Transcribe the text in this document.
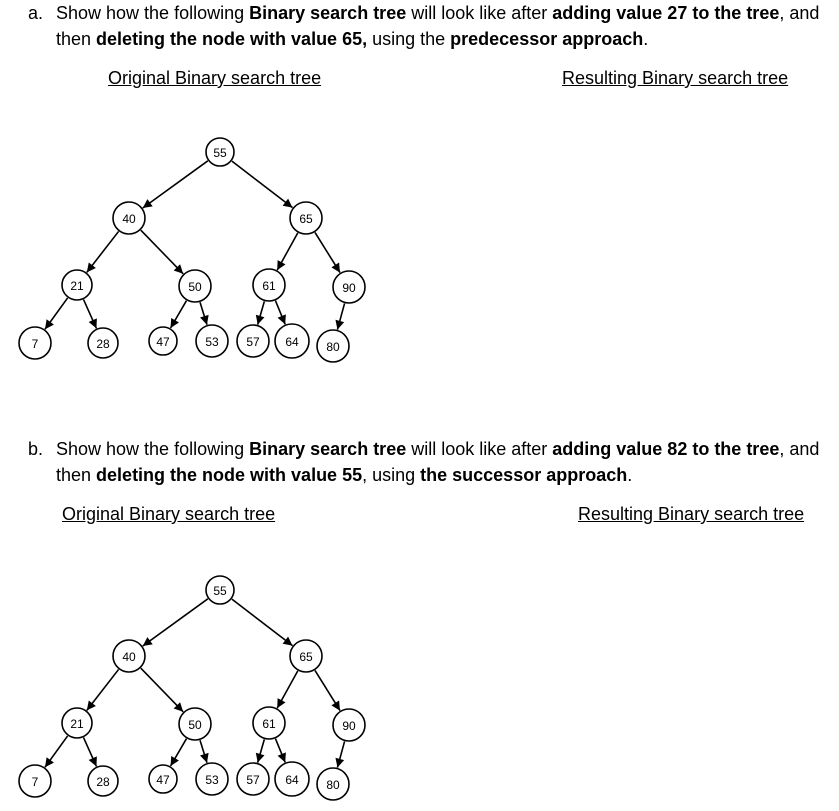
a. Show how the following Binary search tree will look like after adding value 27 to the tree, and
then deleting the node with value 65, using the predecessor approach.
Original Binary search tree	Resulting Binary search tree
55
40	65
21	50	61	90
7	28	47	53 57 64 80
b. Show how the following Binary search tree will look like after adding value 82 to the tree, and
then deleting the node with value 55, using the successor approach.
Original Binary search tree	Resulting Binary search tree
55
40	65
21	50	61	90
7	28	47	53 57 64 80
